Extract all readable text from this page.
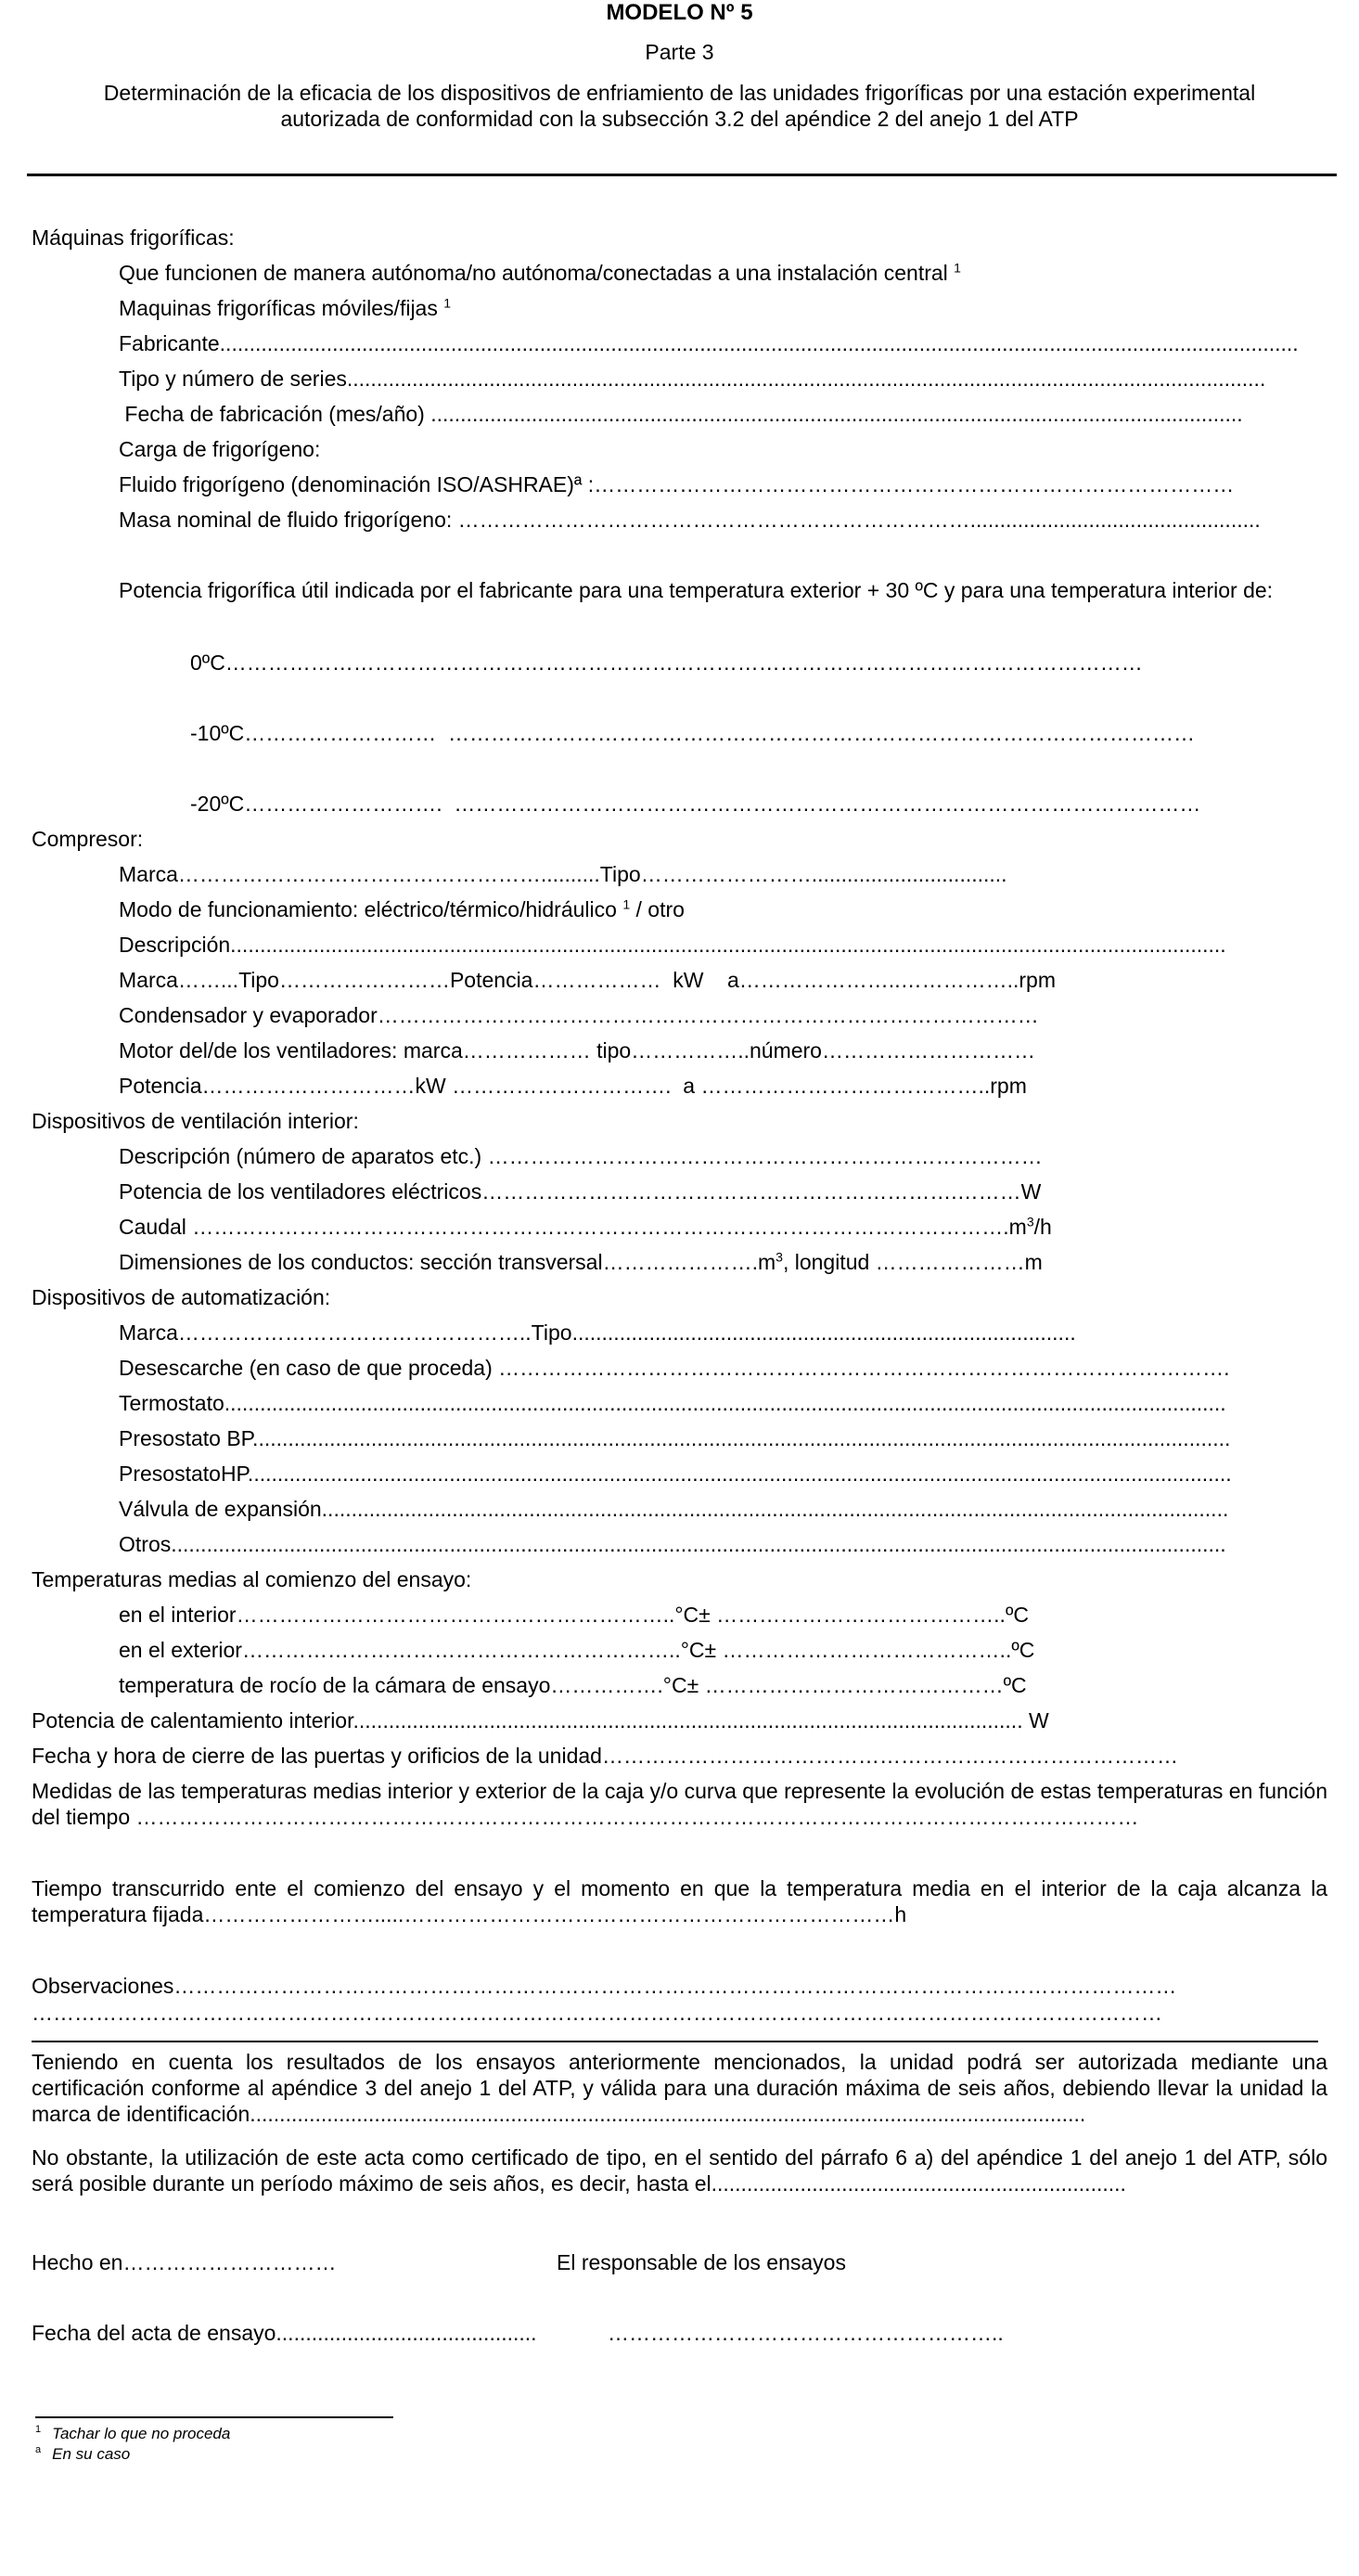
MODELO Nº 5
Parte 3
Determinación de la eficacia de los dispositivos de enfriamiento de las unidades frigoríficas por una estación experimental autorizada de conformidad con la subsección 3.2 del apéndice 2 del anejo 1 del ATP
Máquinas frigoríficas:
Que funcionen de manera autónoma/no autónoma/conectadas a una instalación central $^1$
Maquinas frigoríficas móviles/fijas $^1$
Fabricante......................................................................................................................................................................................
Tipo y número de series...........................................................................................................................................................
Fecha de fabricación (mes/año) .........................................................................................................................................
Carga de frigorígeno:
Fluido frigorígeno (denominación ISO/ASHRAE)ª :………………………………………………………………………………
Masa nominal de fluido frigorígeno: ……………………………………………………………….................................................
Potencia frigorífica útil indicada por el fabricante para una temperatura exterior + 30 ºC y para una temperatura interior de:
0ºC…………………………………………………………………………………………………………………
-10ºC………………………  ……………………………………………………………………………………………
-20ºC……………………….  ……………………………………………………………………………………………
Compresor:
Marca……………………………………………..........Tipo…………………….................................
Modo de funcionamiento: eléctrico/térmico/hidráulico $^1$ / otro
Descripción........................................................................................................................................................................
Marca……...Tipo……………………Potencia………………  kW    a…………………..……………..rpm
Condensador y evaporador…………………………………………………………………………………
Motor del/de los ventiladores: marca……………… tipo……………..número…………………………
Potencia…………………………kW ………………………….  a …………………………………..rpm
Dispositivos de ventilación interior:
Descripción (número de aparatos etc.) ……………………………………………………………………
Potencia de los ventiladores eléctricos………………………………………………………….………W
Caudal $\dots\dots\dots\dots\dots\dots\dots\dots\dots\dots\dots\dots\dots\dots\dots\dots\dots\dots\dots\dots\dots\dots\dots\dots\dots\dots\dots\dots\dots\dots\dots\dots\dots\dots\dots\dots\dots\dots.m^3/h$
Dimensiones de los conductos: sección $transversal\dots\dots\dots\dots\dots\dots\dots.m^3$, longitud …………………m
Dispositivos de automatización:
Marca…………………………………………..Tipo.....................................................................................
Desescarche (en caso de que proceda) ………………………………………………………………………………………….
Termostato.........................................................................................................................................................................
Presostato BP.....................................................................................................................................................................
PresostatoHP......................................................................................................................................................................
Válvula de expansión.........................................................................................................................................................
Otros..................................................................................................................................................................................
Temperaturas medias al comienzo del ensayo:
en el interior……………………………………………………..°C± …………………………………..ºC
en el exterior……………………………………………………..°C± …………………………………..ºC
temperatura de rocío de la cámara de ensayo…………….°C± ……………………………………ºC
Potencia de calentamiento interior................................................................................................................. W
Fecha y hora de cierre de las puertas y orificios de la unidad………………………………………………………………………
Medidas de las temperaturas medias interior y exterior de la caja y/o curva que represente la evolución de estas temperaturas en función del tiempo ……………………………………………………………………………………………………………………………
Tiempo transcurrido ente el comienzo del ensayo y el momento en que la temperatura media en el interior de la caja alcanza la temperatura fijada…………………….....……………………………………………………………h
Observaciones……………………………………………………………………………………………………………………………
……………………………………………………………………………………………………………………………………………
Teniendo en cuenta los resultados de los ensayos anteriormente mencionados, la unidad podrá ser autorizada mediante una certificación conforme al apéndice 3 del anejo 1 del ATP, y válida para una duración máxima de seis años, debiendo llevar la unidad la marca de identificación.............................................................................................................................................
No obstante, la utilización de este acta como certificado de tipo, en el sentido del párrafo 6 a) del apéndice 1 del anejo 1 del ATP, sólo será posible durante un período máximo de seis años, es decir, hasta el......................................................................
Hecho en…………………………	El responsable de los ensayos
Fecha del acta de ensayo............................................	………………………………………………..
$^1$ Tachar lo que no proceda
$^a$ En su caso
